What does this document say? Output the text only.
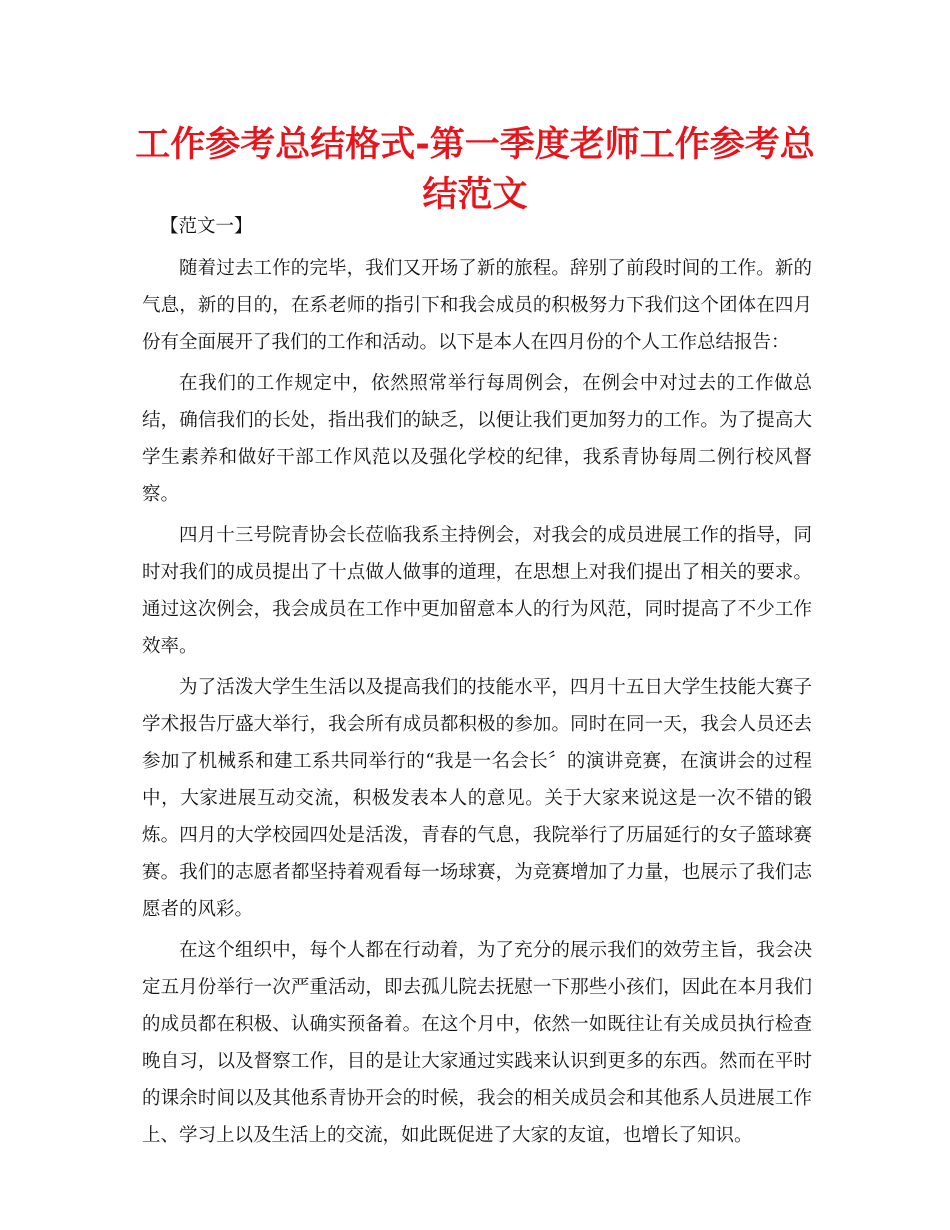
工作参考总结格式-第一季度老师工作参考总结范文

【范文一】

随着过去工作的完毕，我们又开场了新的旅程。辞别了前段时间的工作。新的气息，新的目的，在系老师的指引下和我会成员的积极努力下我们这个团体在四月份有全面展开了我们的工作和活动。以下是本人在四月份的个人工作总结报告：

在我们的工作规定中，依然照常举行每周例会，在例会中对过去的工作做总结，确信我们的长处，指出我们的缺乏，以便让我们更加努力的工作。为了提高大学生素养和做好干部工作风范以及强化学校的纪律，我系青协每周二例行校风督察。

四月十三号院青协会长莅临我系主持例会，对我会的成员进展工作的指导，同时对我们的成员提出了十点做人做事的道理，在思想上对我们提出了相关的要求。通过这次例会，我会成员在工作中更加留意本人的行为风范，同时提高了不少工作效率。

为了活泼大学生生活以及提高我们的技能水平，四月十五日大学生技能大赛子学术报告厅盛大举行，我会所有成员都积极的参加。同时在同一天，我会人员还去参加了机械系和建工系共同举行的“我是一名会长〞的演讲竞赛，在演讲会的过程中，大家进展互动交流，积极发表本人的意见。关于大家来说这是一次不错的锻炼。四月的大学校园四处是活泼，青春的气息，我院举行了历届延行的女子篮球赛赛。我们的志愿者都坚持着观看每一场球赛，为竞赛增加了力量，也展示了我们志愿者的风彩。

在这个组织中，每个人都在行动着，为了充分的展示我们的效劳主旨，我会决定五月份举行一次严重活动，即去孤儿院去抚慰一下那些小孩们，因此在本月我们的成员都在积极、认确实预备着。在这个月中，依然一如既往让有关成员执行检查晚自习，以及督察工作，目的是让大家通过实践来认识到更多的东西。然而在平时的课余时间以及其他系青协开会的时候，我会的相关成员会和其他系人员进展工作上、学习上以及生活上的交流，如此既促进了大家的友谊，也增长了知识。
